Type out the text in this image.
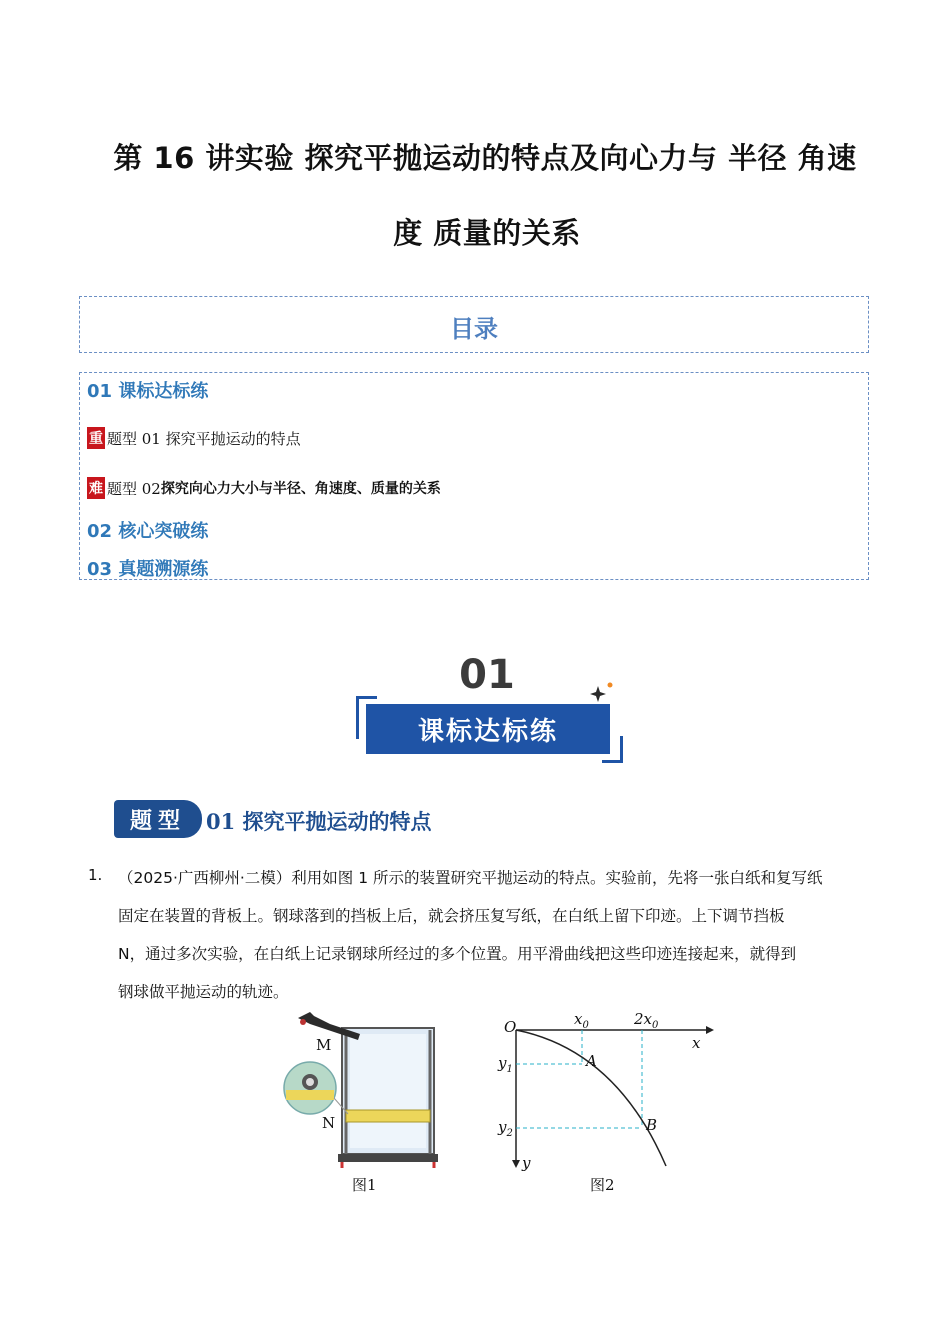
第 16 讲实验 探究平抛运动的特点及向心力与 半径 角速
度 质量的关系
目录
01 课标达标练
重 题型 01 探究平抛运动的特点
难 题型 02 探究向心力大小与半径、角速度、质量的关系
02 核心突破练
03 真题溯源练
01
课标达标练
题型 01 探究平抛运动的特点
1. （2025·广西柳州·二模）利用如图 1 所示的装置研究平抛运动的特点。实验前，先将一张白纸和复写纸
固定在装置的背板上。钢球落到的挡板上后，就会挤压复写纸，在白纸上留下印迹。上下调节挡板
N，通过多次实验，在白纸上记录钢球所经过的多个位置。用平滑曲线把这些印迹连接起来，就得到
钢球做平抛运动的轨迹。
M
N
图1
O	$x_0$	$2x_0$
x
$y_1$
$y_2$
y
A
B
图2
